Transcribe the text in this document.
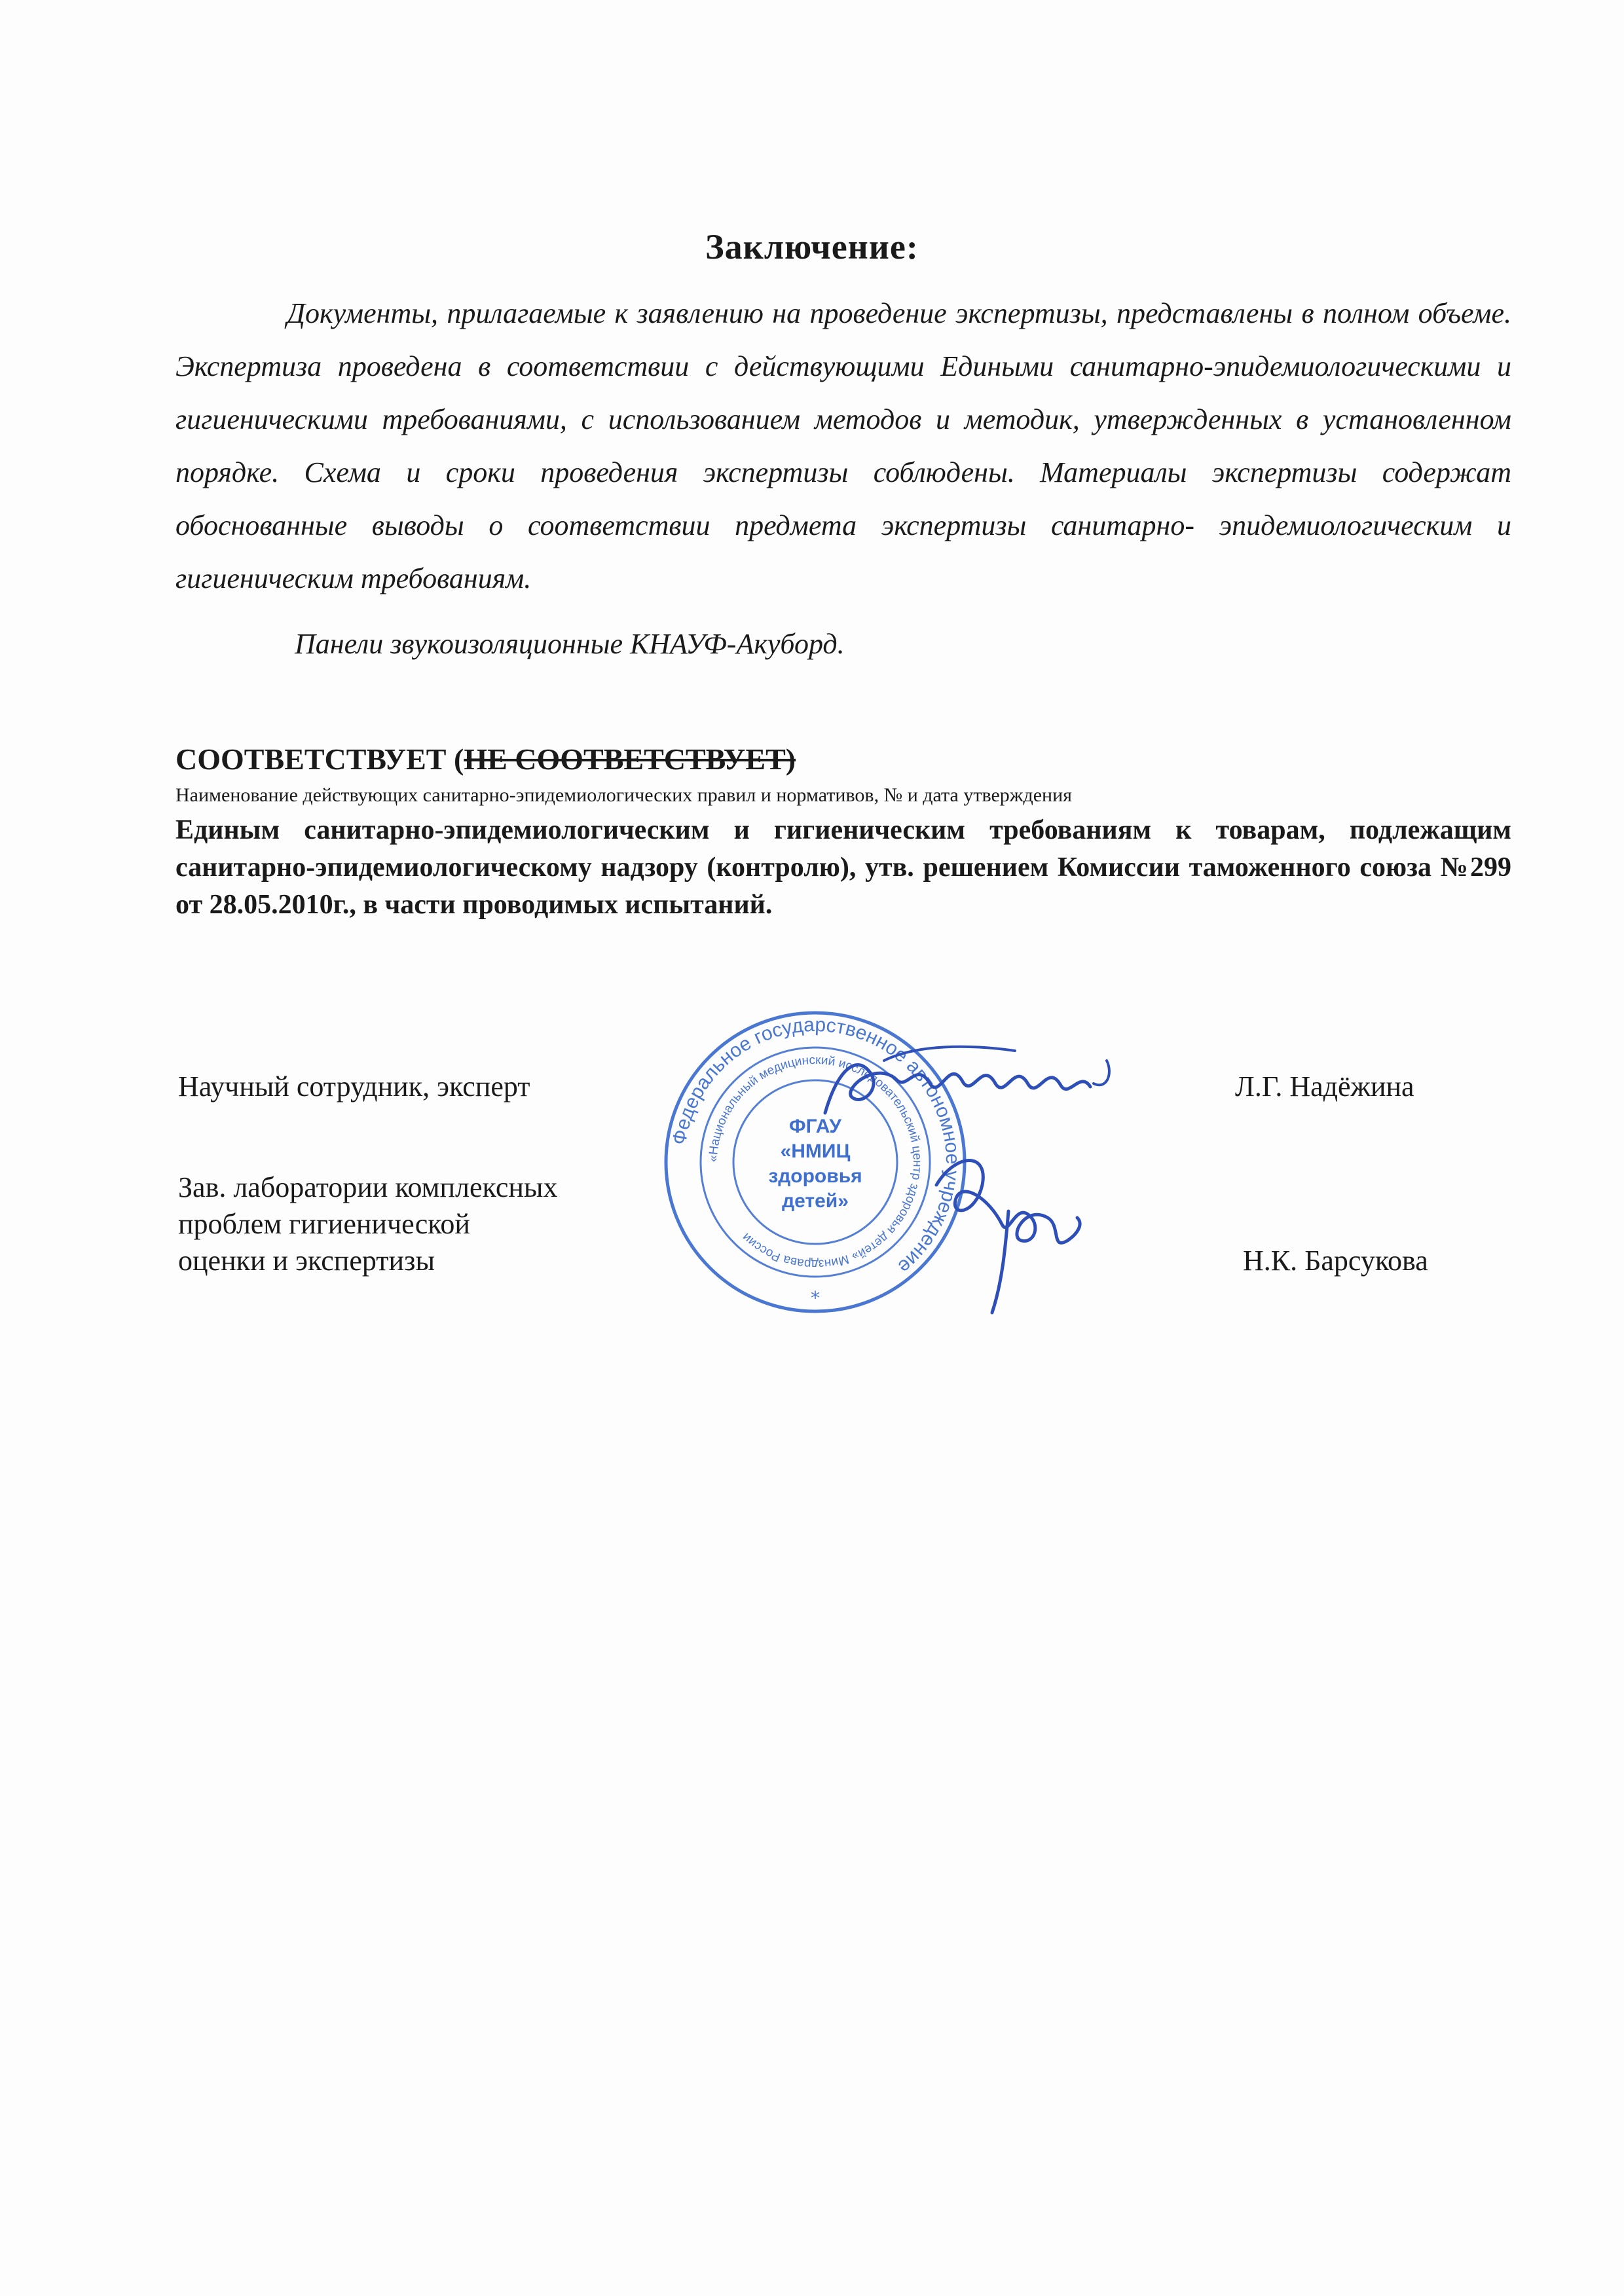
Заключение:
Документы, прилагаемые к заявлению на проведение экспертизы, представлены в полном объеме. Экспертиза проведена в соответствии с действующими Едиными санитарно-эпидемиологическими и гигиеническими требованиями, с использованием методов и методик, утвержденных в установленном порядке. Схема и сроки проведения экспертизы соблюдены. Материалы экспертизы содержат обоснованные выводы о соответствии предмета экспертизы санитарно- эпидемиологическим и гигиеническим требованиям.
Панели звукоизоляционные КНАУФ-Акуборд.
СООТВЕТСТВУЕТ (НЕ СООТВЕТСТВУЕТ)
Наименование действующих санитарно-эпидемиологических правил и нормативов, № и дата утверждения
Единым санитарно-эпидемиологическим и гигиеническим требованиям к товарам, подлежащим санитарно-эпидемиологическому надзору (контролю), утв. решением Комиссии таможенного союза №299 от 28.05.2010г., в части проводимых испытаний.
Научный сотрудник, эксперт	Л.Г. Надёжина
Зав. лаборатории комплексных
проблем гигиенической
оценки и экспертизы	Н.К. Барсукова
Федеральное государственное автономное учреждение
«Национальный медицинский исследовательский центр здоровья детей» Минздрава России
ФГАУ
«НМИЦ
здоровья
детей»
*
